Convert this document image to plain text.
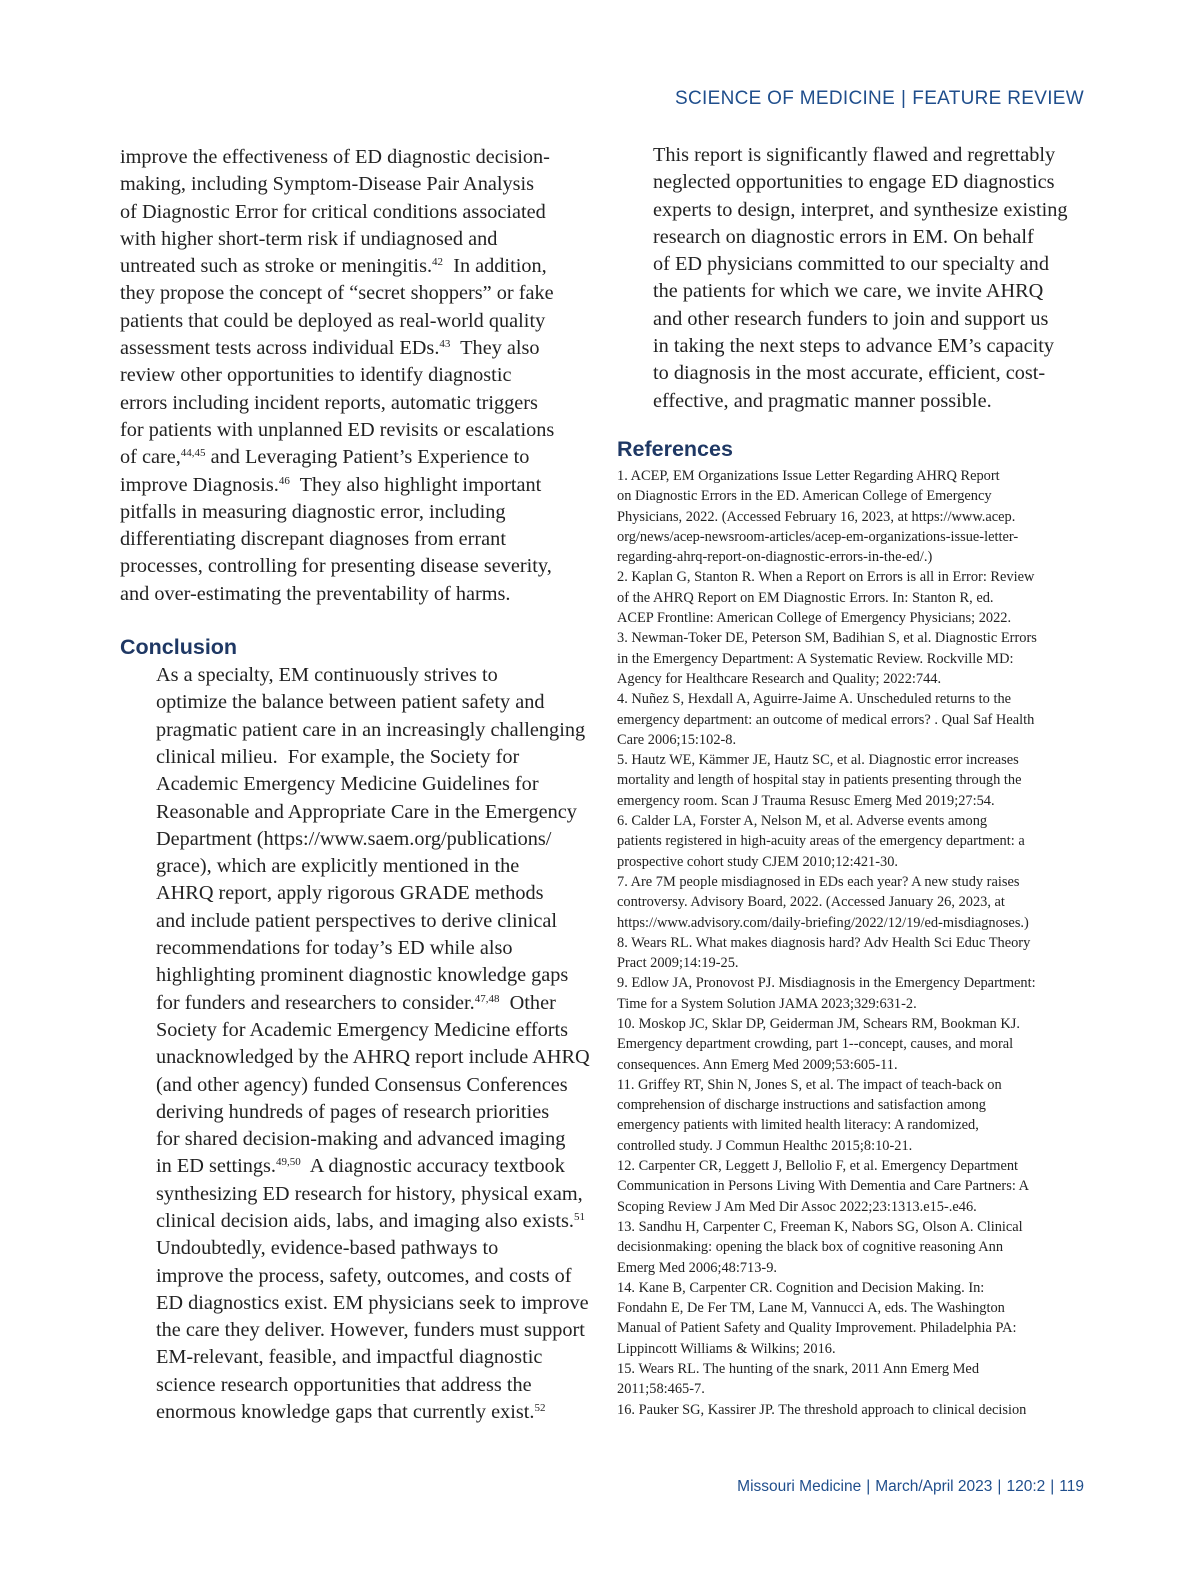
SCIENCE OF MEDICINE | FEATURE REVIEW

improve the effectiveness of ED diagnostic decision-
making, including Symptom-Disease Pair Analysis
of Diagnostic Error for critical conditions associated
with higher short-term risk if undiagnosed and
untreated such as stroke or meningitis.$^{42}$  In addition,
they propose the concept of “secret shoppers” or fake
patients that could be deployed as real-world quality
assessment tests across individual EDs.$^{43}$  They also
review other opportunities to identify diagnostic
errors including incident reports, automatic triggers
for patients with unplanned ED revisits or escalations
of care,$^{44,45}$ and Leveraging Patient’s Experience to
improve Diagnosis.$^{46}$  They also highlight important
pitfalls in measuring diagnostic error, including
differentiating discrepant diagnoses from errant
processes, controlling for presenting disease severity,
and over-estimating the preventability of harms.

Conclusion

As a specialty, EM continuously strives to
optimize the balance between patient safety and
pragmatic patient care in an increasingly challenging
clinical milieu.  For example, the Society for
Academic Emergency Medicine Guidelines for
Reasonable and Appropriate Care in the Emergency
Department (https://www.saem.org/publications/
grace), which are explicitly mentioned in the
AHRQ report, apply rigorous GRADE methods
and include patient perspectives to derive clinical
recommendations for today’s ED while also
highlighting prominent diagnostic knowledge gaps
for funders and researchers to consider.$^{47,48}$  Other
Society for Academic Emergency Medicine efforts
unacknowledged by the AHRQ report include AHRQ
(and other agency) funded Consensus Conferences
deriving hundreds of pages of research priorities
for shared decision-making and advanced imaging
in ED settings.$^{49,50}$  A diagnostic accuracy textbook
synthesizing ED research for history, physical exam,
clinical decision aids, labs, and imaging also exists.$^{51}$

Undoubtedly, evidence-based pathways to
improve the process, safety, outcomes, and costs of
ED diagnostics exist. EM physicians seek to improve
the care they deliver. However, funders must support
EM-relevant, feasible, and impactful diagnostic
science research opportunities that address the
enormous knowledge gaps that currently exist.$^{52}$

This report is significantly flawed and regrettably
neglected opportunities to engage ED diagnostics
experts to design, interpret, and synthesize existing
research on diagnostic errors in EM. On behalf
of ED physicians committed to our specialty and
the patients for which we care, we invite AHRQ
and other research funders to join and support us
in taking the next steps to advance EM’s capacity
to diagnosis in the most accurate, efficient, cost-
effective, and pragmatic manner possible.

References
1. ACEP, EM Organizations Issue Letter Regarding AHRQ Report
on Diagnostic Errors in the ED. American College of Emergency
Physicians, 2022. (Accessed February 16, 2023, at https://www.acep.
org/news/acep-newsroom-articles/acep-em-organizations-issue-letter-
regarding-ahrq-report-on-diagnostic-errors-in-the-ed/.)
2. Kaplan G, Stanton R. When a Report on Errors is all in Error: Review
of the AHRQ Report on EM Diagnostic Errors. In: Stanton R, ed.
ACEP Frontline: American College of Emergency Physicians; 2022.
3. Newman-Toker DE, Peterson SM, Badihian S, et al. Diagnostic Errors
in the Emergency Department: A Systematic Review. Rockville MD:
Agency for Healthcare Research and Quality; 2022:744.
4. Nuñez S, Hexdall A, Aguirre-Jaime A. Unscheduled returns to the
emergency department: an outcome of medical errors? . Qual Saf Health
Care 2006;15:102-8.
5. Hautz WE, Kämmer JE, Hautz SC, et al. Diagnostic error increases
mortality and length of hospital stay in patients presenting through the
emergency room. Scan J Trauma Resusc Emerg Med 2019;27:54.
6. Calder LA, Forster A, Nelson M, et al. Adverse events among
patients registered in high-acuity areas of the emergency department: a
prospective cohort study CJEM 2010;12:421-30.
7. Are 7M people misdiagnosed in EDs each year? A new study raises
controversy. Advisory Board, 2022. (Accessed January 26, 2023, at
https://www.advisory.com/daily-briefing/2022/12/19/ed-misdiagnoses.)
8. Wears RL. What makes diagnosis hard? Adv Health Sci Educ Theory
Pract 2009;14:19-25.
9. Edlow JA, Pronovost PJ. Misdiagnosis in the Emergency Department:
Time for a System Solution JAMA 2023;329:631-2.
10. Moskop JC, Sklar DP, Geiderman JM, Schears RM, Bookman KJ.
Emergency department crowding, part 1--concept, causes, and moral
consequences. Ann Emerg Med 2009;53:605-11.
11. Griffey RT, Shin N, Jones S, et al. The impact of teach-back on
comprehension of discharge instructions and satisfaction among
emergency patients with limited health literacy: A randomized,
controlled study. J Commun Healthc 2015;8:10-21.
12. Carpenter CR, Leggett J, Bellolio F, et al. Emergency Department
Communication in Persons Living With Dementia and Care Partners: A
Scoping Review J Am Med Dir Assoc 2022;23:1313.e15-.e46.
13. Sandhu H, Carpenter C, Freeman K, Nabors SG, Olson A. Clinical
decisionmaking: opening the black box of cognitive reasoning Ann
Emerg Med 2006;48:713-9.
14. Kane B, Carpenter CR. Cognition and Decision Making. In:
Fondahn E, De Fer TM, Lane M, Vannucci A, eds. The Washington
Manual of Patient Safety and Quality Improvement. Philadelphia PA:
Lippincott Williams & Wilkins; 2016.
15. Wears RL. The hunting of the snark, 2011 Ann Emerg Med
2011;58:465-7.
16. Pauker SG, Kassirer JP. The threshold approach to clinical decision
Missouri Medicine | March/April 2023 | 120:2 | 119
